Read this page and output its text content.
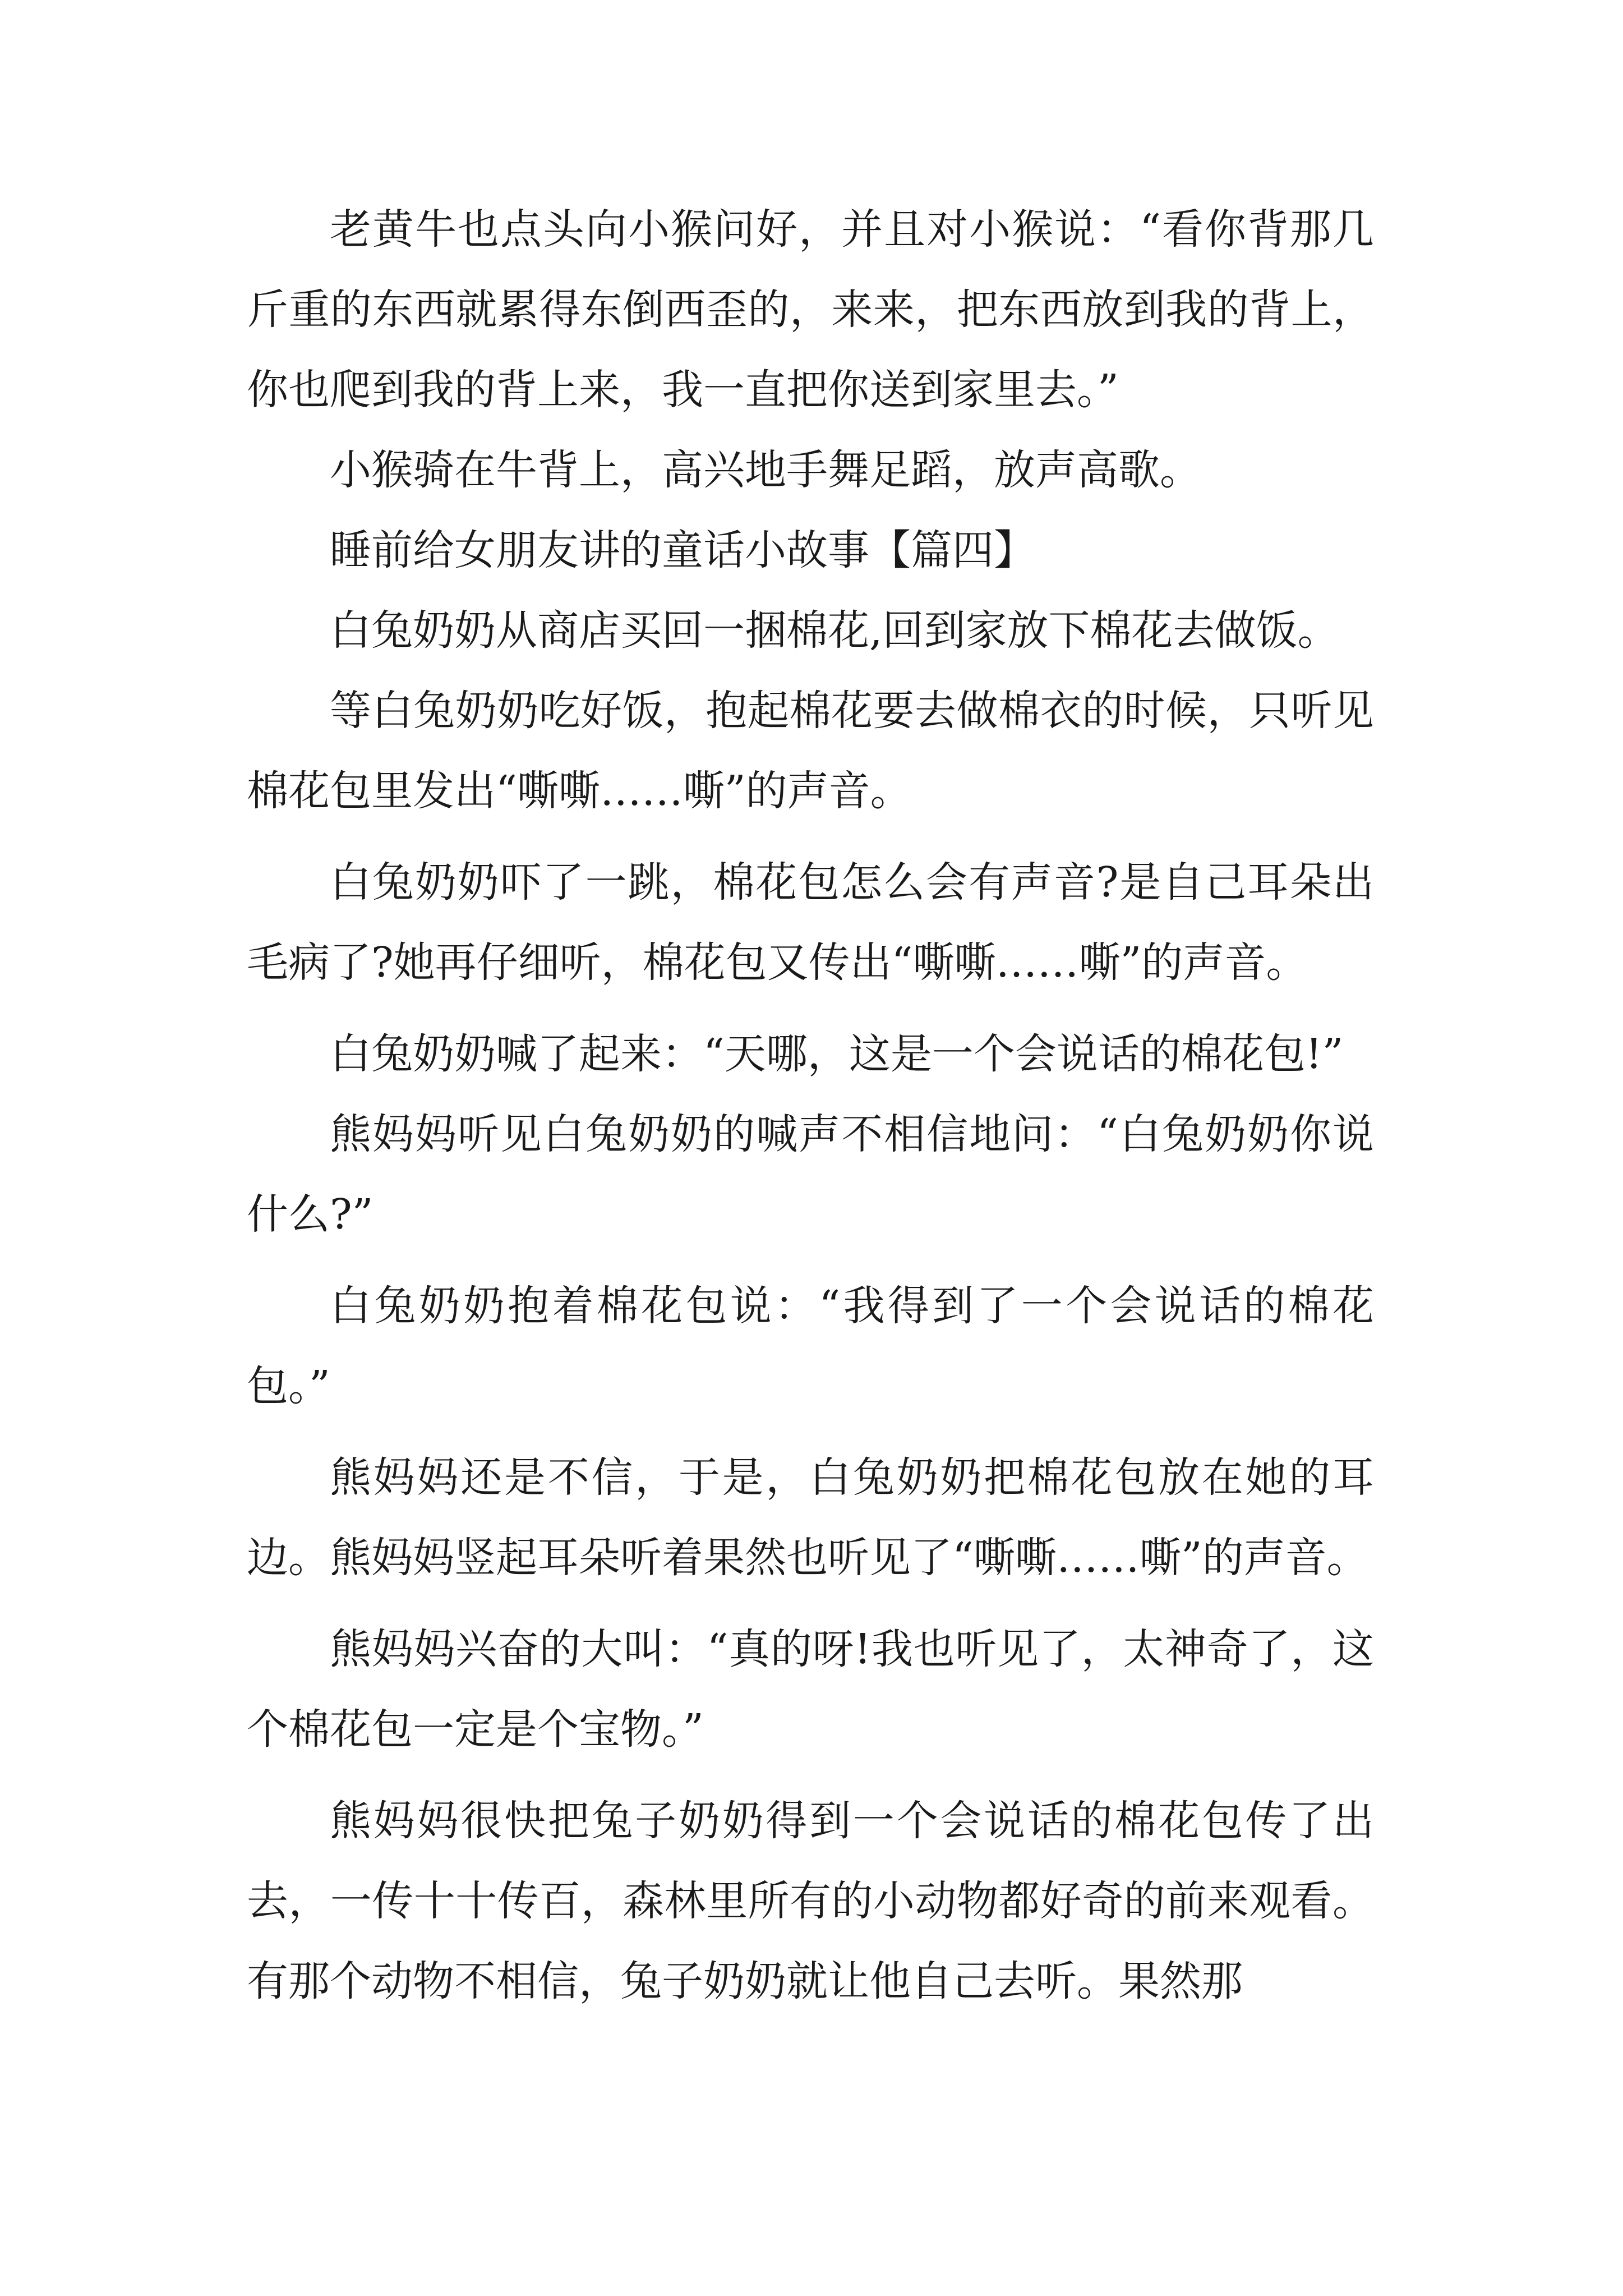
老黄牛也点头向小猴问好，并且对小猴说：“看你背那几斤重的东西就累得东倒西歪的，来来，把东西放到我的背上，你也爬到我的背上来，我一直把你送到家里去。”

小猴骑在牛背上，高兴地手舞足蹈，放声高歌。

睡前给女朋友讲的童话小故事【篇四】

白兔奶奶从商店买回一捆棉花,回到家放下棉花去做饭。

等白兔奶奶吃好饭，抱起棉花要去做棉衣的时候，只听见棉花包里发出“嘶嘶……嘶”的声音。

白兔奶奶吓了一跳，棉花包怎么会有声音?是自己耳朵出毛病了?她再仔细听，棉花包又传出“嘶嘶……嘶”的声音。

白兔奶奶喊了起来：“天哪，这是一个会说话的棉花包!”

熊妈妈听见白兔奶奶的喊声不相信地问：“白兔奶奶你说什么?”

白兔奶奶抱着棉花包说：“我得到了一个会说话的棉花包。”

熊妈妈还是不信，于是，白兔奶奶把棉花包放在她的耳边。熊妈妈竖起耳朵听着果然也听见了“嘶嘶……嘶”的声音。

熊妈妈兴奋的大叫：“真的呀!我也听见了，太神奇了，这个棉花包一定是个宝物。”

熊妈妈很快把兔子奶奶得到一个会说话的棉花包传了出去，一传十十传百，森林里所有的小动物都好奇的前来观看。有那个动物不相信，兔子奶奶就让他自己去听。果然那
